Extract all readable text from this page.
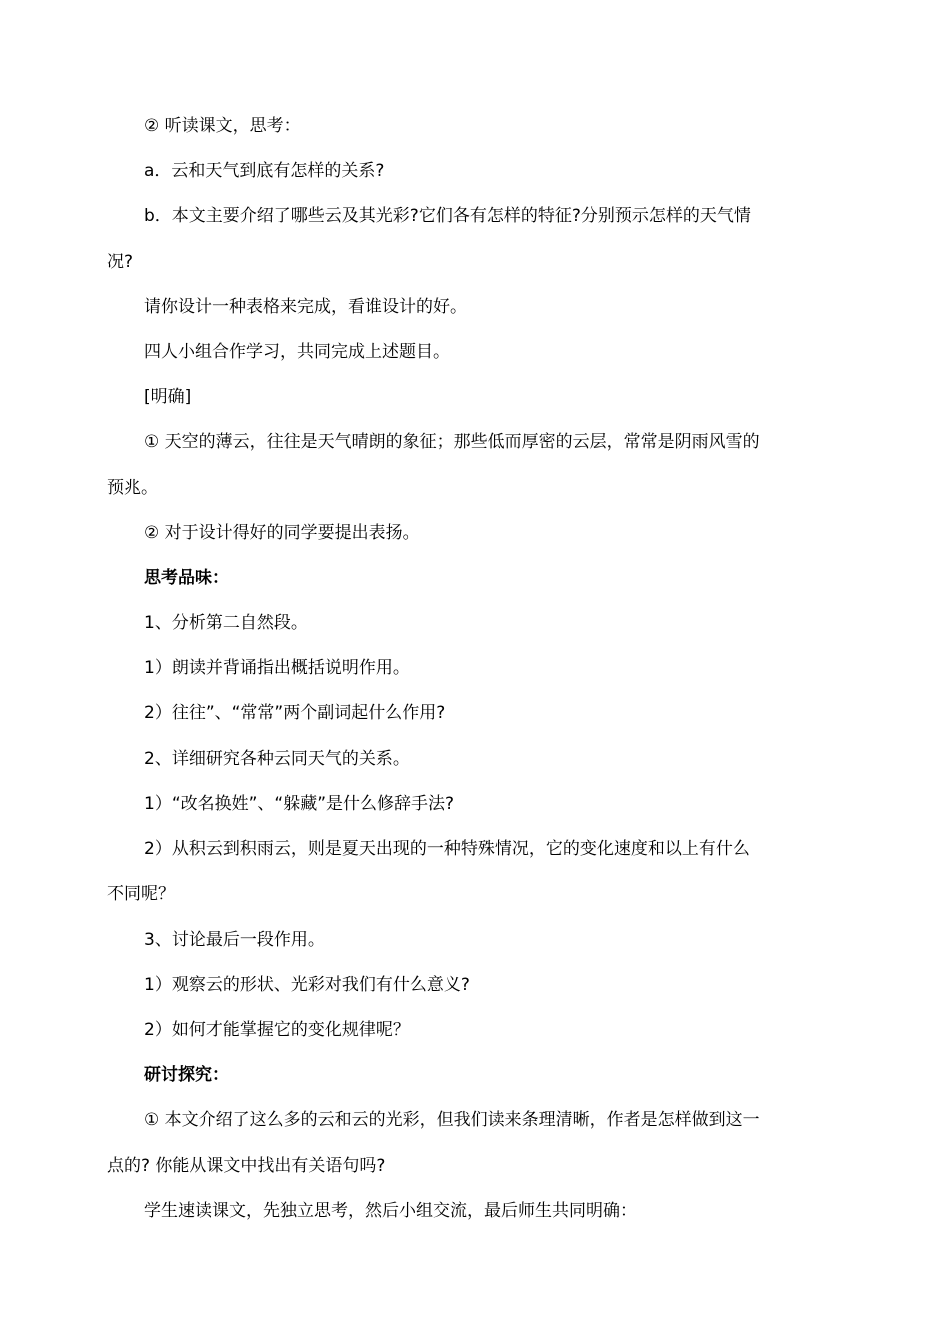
② 听读课文，思考：
a．云和天气到底有怎样的关系?
b．本文主要介绍了哪些云及其光彩?它们各有怎样的特征?分别预示怎样的天气情
况?
请你设计一种表格来完成，看谁设计的好。
四人小组合作学习，共同完成上述题目。
[明确]
① 天空的薄云，往往是天气晴朗的象征；那些低而厚密的云层，常常是阴雨风雪的
预兆。
② 对于设计得好的同学要提出表扬。
思考品味：
1、分析第二自然段。
1）朗读并背诵指出概括说明作用。
2）往往”、“常常”两个副词起什么作用?
2、详细研究各种云同天气的关系。
1）“改名换姓”、“躲藏”是什么修辞手法?
2）从积云到积雨云，则是夏天出现的一种特殊情况，它的变化速度和以上有什么
不同呢？
3、讨论最后一段作用。
1）观察云的形状、光彩对我们有什么意义?
2）如何才能掌握它的变化规律呢？
研讨探究：
① 本文介绍了这么多的云和云的光彩，但我们读来条理清晰，作者是怎样做到这一
点的? 你能从课文中找出有关语句吗?
学生速读课文，先独立思考，然后小组交流，最后师生共同明确：
